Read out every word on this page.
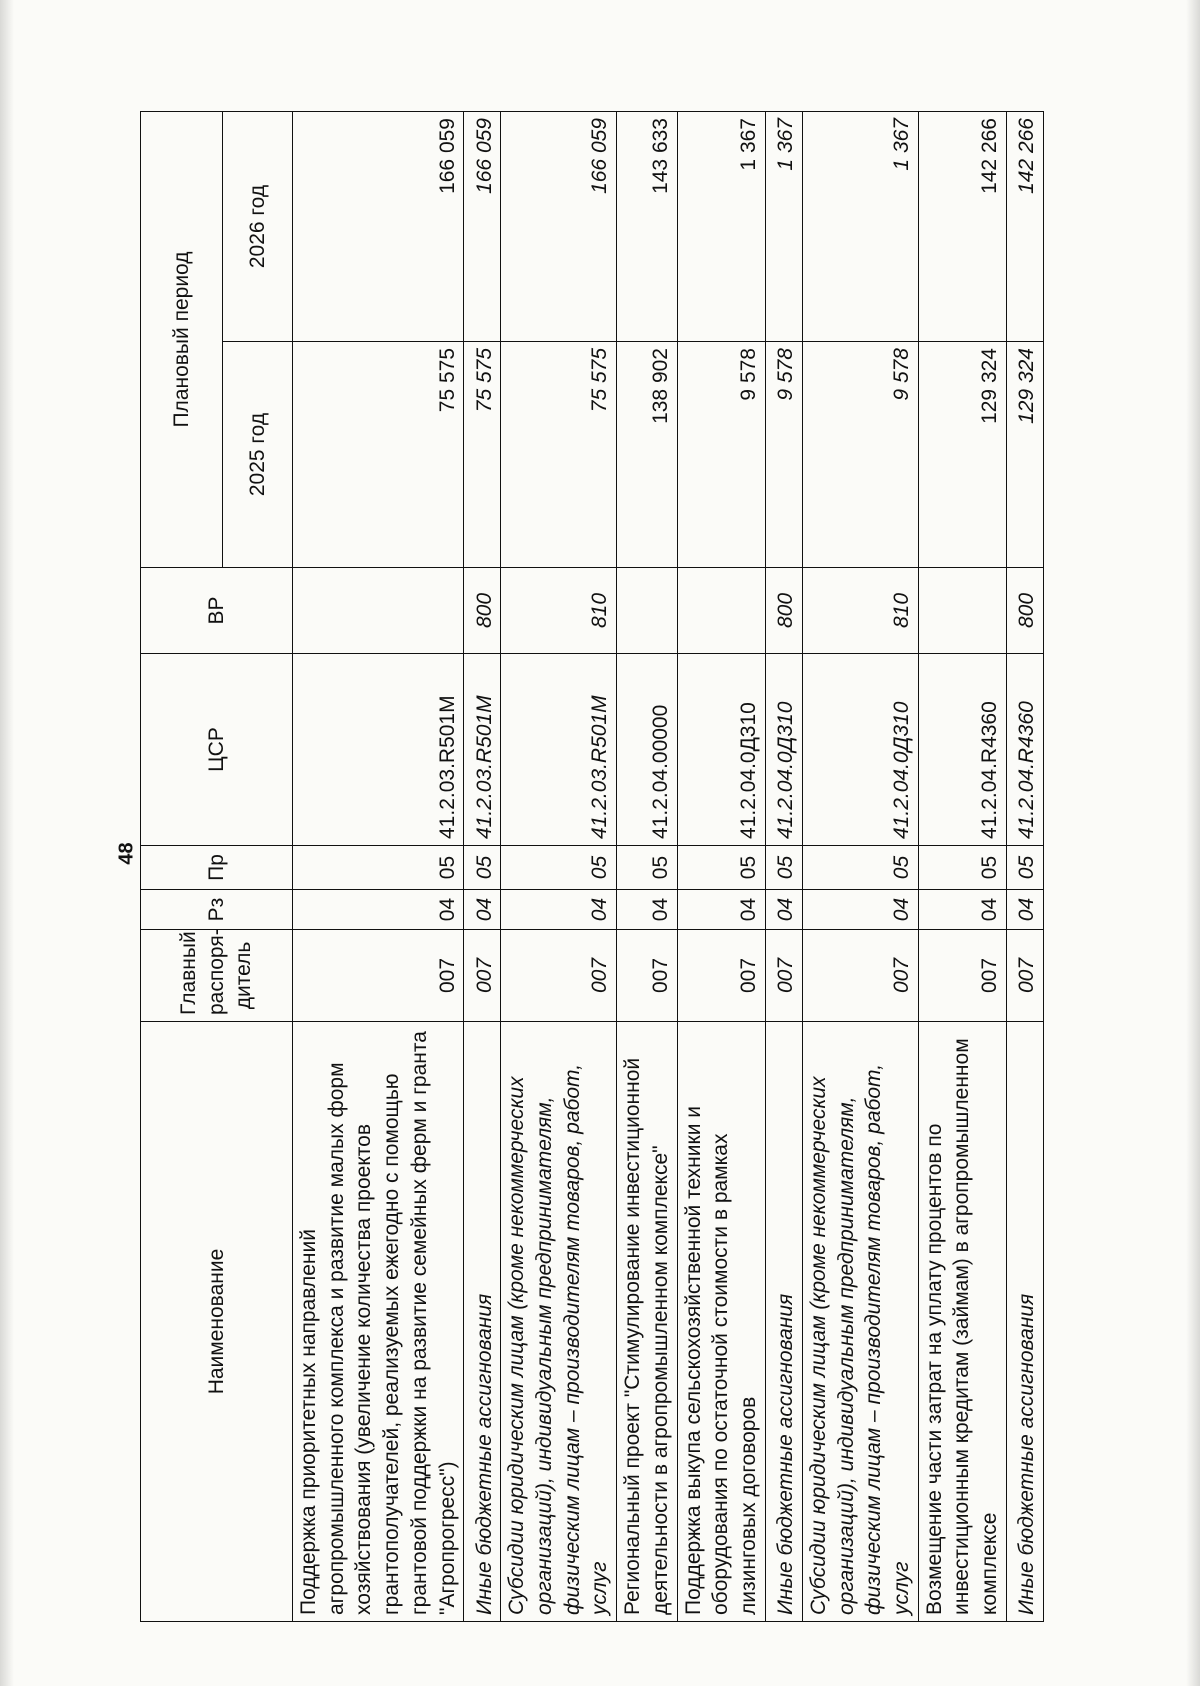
48
Наименование	Главный распоря-дитель	Рз	Пр	ЦСР	ВР	Плановый период	
						2025 год	2026 год
Поддержка приоритетных направлений агропромышленного комплекса и развитие малых форм хозяйствования (увеличение количества проектов грантополучателей, реализуемых ежегодно с помощью грантовой поддержки на развитие семейных ферм и гранта "Агропрогресс")	007	04	05	41.2.03.R501M		75 575	166 059
Иные бюджетные ассигнования	007	04	05	41.2.03.R501M	800	75 575	166 059
Субсидии юридическим лицам (кроме некоммерческих организаций), индивидуальным предпринимателям, физическим лицам – производителям товаров, работ, услуг	007	04	05	41.2.03.R501M	810	75 575	166 059
Региональный проект "Стимулирование инвестиционной деятельности в агропромышленном комплексе"	007	04	05	41.2.04.00000		138 902	143 633
Поддержка выкупа сельскохозяйственной техники и оборудования по остаточной стоимости в рамках лизинговых договоров	007	04	05	41.2.04.0Д310		9 578	1 367
Иные бюджетные ассигнования	007	04	05	41.2.04.0Д310	800	9 578	1 367
Субсидии юридическим лицам (кроме некоммерческих организаций), индивидуальным предпринимателям, физическим лицам – производителям товаров, работ, услуг	007	04	05	41.2.04.0Д310	810	9 578	1 367
Возмещение части затрат на уплату процентов по инвестиционным кредитам (займам) в агропромышленном комплексе	007	04	05	41.2.04.R4360		129 324	142 266
Иные бюджетные ассигнования	007	04	05	41.2.04.R4360	800	129 324	142 266
